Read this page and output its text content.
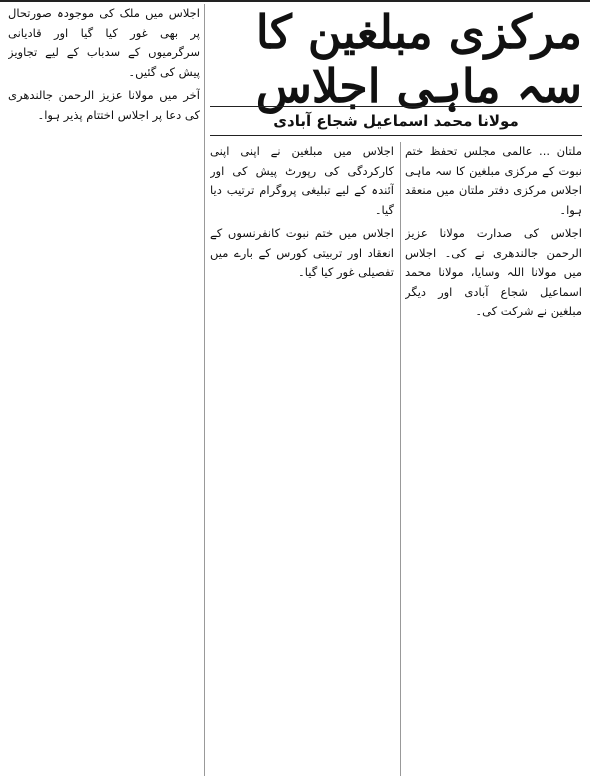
اجلاس میں ملک کی موجودہ صورتحال پر بھی غور کیا گیا اور قادیانی سرگرمیوں کے سدباب کے لیے تجاویز پیش کی گئیں۔

آخر میں مولانا عزیز الرحمن جالندھری کی دعا پر اجلاس اختتام پذیر ہوا۔

مرکزی مبلغین کا سہ ماہی اجلاس
مولانا محمد اسماعیل شجاع آبادی

اجلاس میں مبلغین نے اپنی اپنی کارکردگی کی رپورٹ پیش کی اور آئندہ کے لیے تبلیغی پروگرام ترتیب دیا گیا۔

اجلاس میں ختم نبوت کانفرنسوں کے انعقاد اور تربیتی کورس کے بارے میں تفصیلی غور کیا گیا۔

ملتان ... عالمی مجلس تحفظ ختم نبوت کے مرکزی مبلغین کا سہ ماہی اجلاس مرکزی دفتر ملتان میں منعقد ہوا۔

اجلاس کی صدارت مولانا عزیز الرحمن جالندھری نے کی۔ اجلاس میں مولانا اللہ وسایا، مولانا محمد اسماعیل شجاع آبادی اور دیگر مبلغین نے شرکت کی۔
